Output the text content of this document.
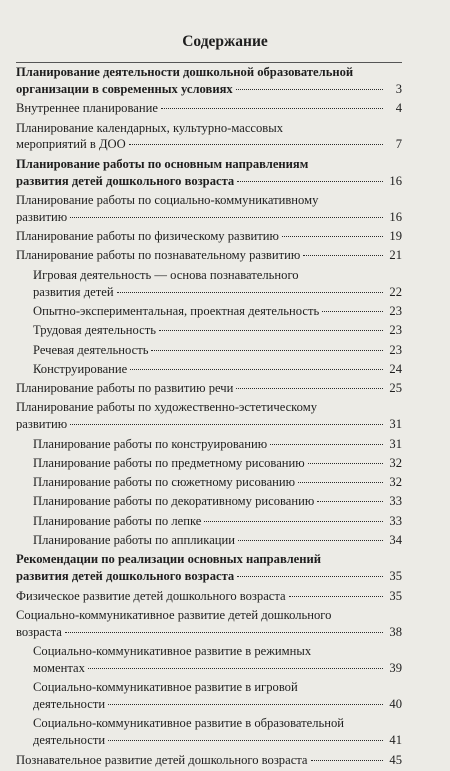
Содержание
Планирование деятельности дошкольной образовательной
организации в современных условиях	3
Внутреннее планирование	4
Планирование календарных, культурно-массовых
мероприятий в ДОО	7
Планирование работы по основным направлениям
развития детей дошкольного возраста	16
Планирование работы по социально-коммуникативному
развитию	16
Планирование работы по физическому развитию	19
Планирование работы по познавательному развитию	21
Игровая деятельность — основа познавательного
развития детей	22
Опытно-экспериментальная, проектная деятельность	23
Трудовая деятельность	23
Речевая деятельность	23
Конструирование	24
Планирование работы по развитию речи	25
Планирование работы по художественно-эстетическому
развитию	31
Планирование работы по конструированию	31
Планирование работы по предметному рисованию	32
Планирование работы по сюжетному рисованию	32
Планирование работы по декоративному рисованию	33
Планирование работы по лепке	33
Планирование работы по аппликации	34
Рекомендации по реализации основных направлений
развития детей дошкольного возраста	35
Физическое развитие детей дошкольного возраста	35
Социально-коммуникативное развитие детей дошкольного
возраста	38
Социально-коммуникативное развитие в режимных
моментах	39
Социально-коммуникативное развитие в игровой
деятельности	40
Социально-коммуникативное развитие в образовательной
деятельности	41
Познавательное развитие детей дошкольного возраста	45
